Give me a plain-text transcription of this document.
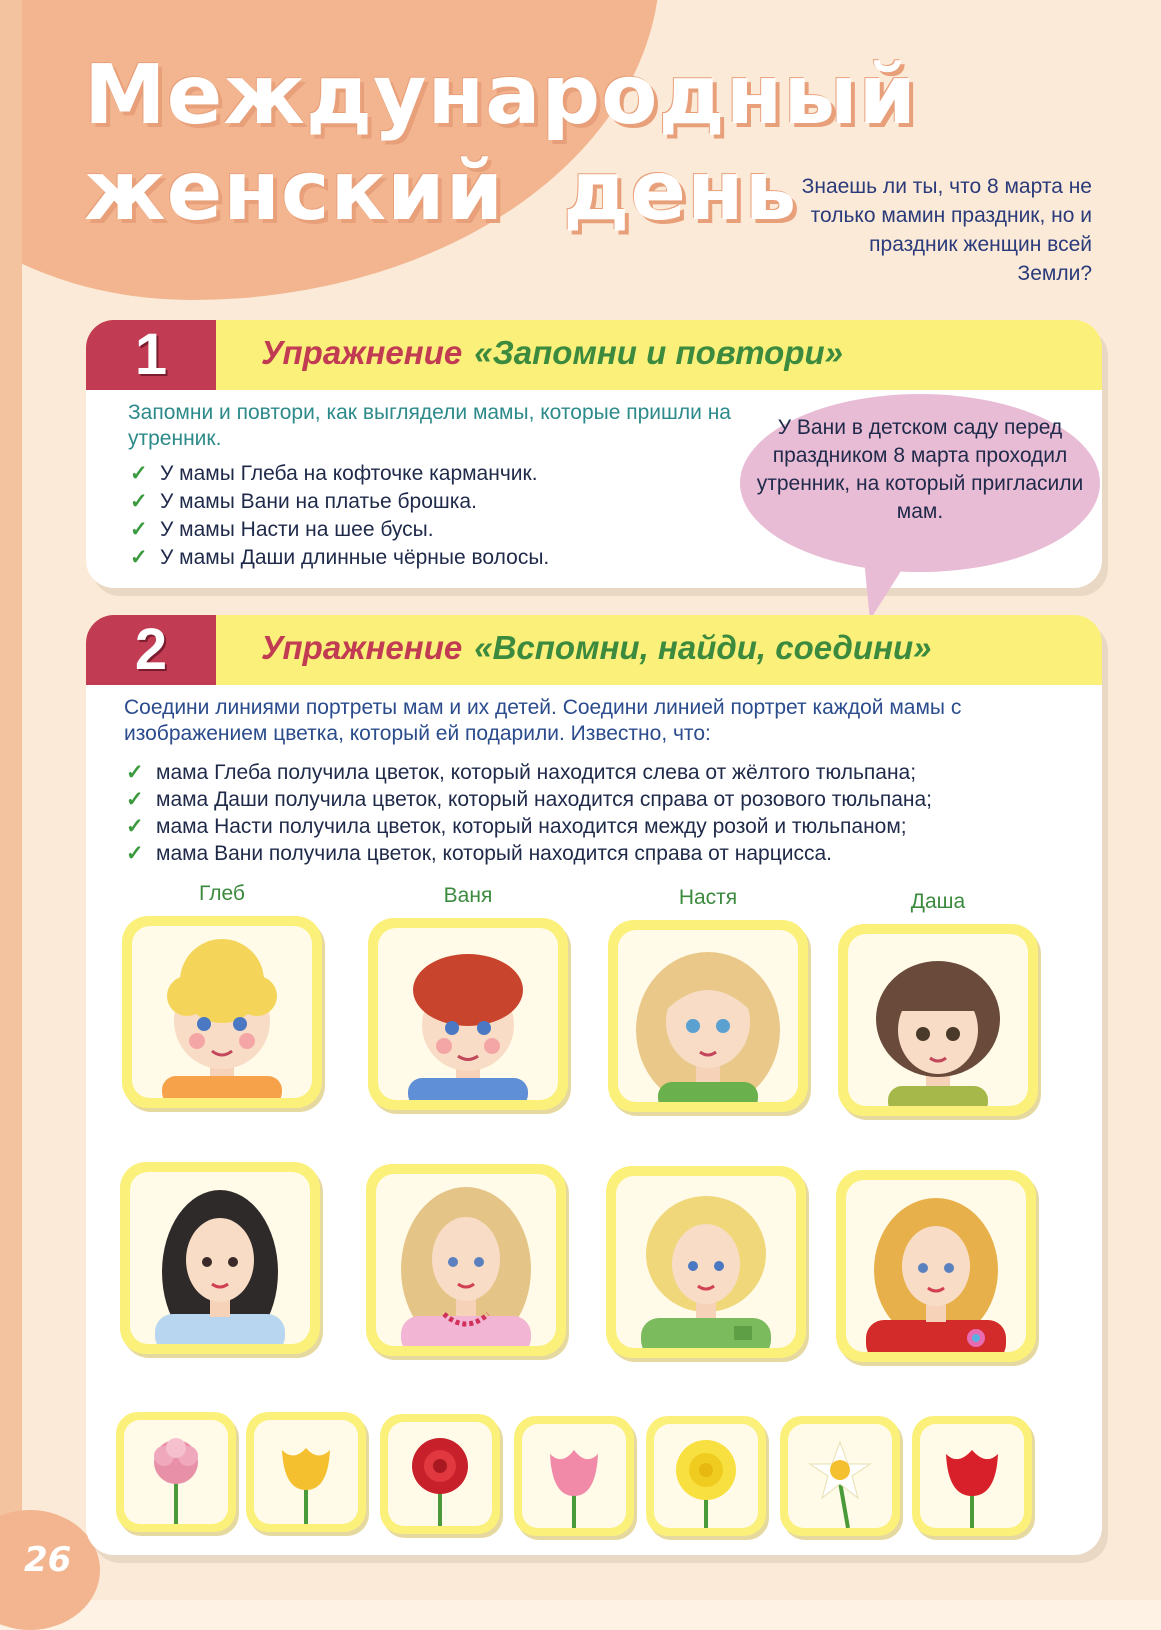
Международный
женский  день Знаешь ли ты, что 8 марта не только мамин праздник, но и праздник женщин всей Земли?
1	Упражнение «Запомни и повтори»
Запомни и повтори, как выглядели мамы, которые пришли на утренник.
✓ У мамы Глеба на кофточке карманчик.
✓ У мамы Вани на платье брошка.
✓ У мамы Насти на шее бусы.
✓ У мамы Даши длинные чёрные волосы.
У Вани в детском саду перед праздником 8 марта проходил утренник, на который пригласили мам.
2	Упражнение «Вспомни, найди, соедини»
Соедини линиями портреты мам и их детей. Соедини линией портрет каждой мамы с изображением цветка, который ей подарили. Известно, что:
✓ мама Глеба получила цветок, который находится слева от жёлтого тюльпана;
✓ мама Даши получила цветок, который находится справа от розового тюльпана;
✓ мама Насти получила цветок, который находится между розой и тюльпаном;
✓ мама Вани получила цветок, который находится справа от нарцисса.
Глеб	Ваня	Настя	Даша
26
